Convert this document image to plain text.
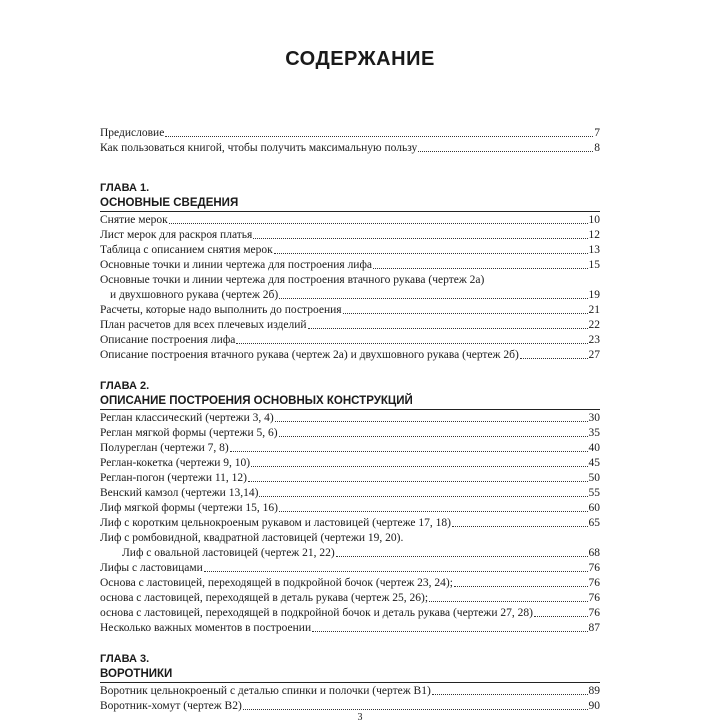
СОДЕРЖАНИЕ
Предисловие	7
Как пользоваться книгой, чтобы получить максимальную пользу	8
ГЛАВА 1.
ОСНОВНЫЕ СВЕДЕНИЯ
Снятие мерок	10
Лист мерок для раскроя платья	12
Таблица с описанием снятия мерок	13
Основные точки и линии чертежа для построения лифа	15
Основные точки и линии чертежа для построения втачного рукава (чертеж 2а)
и двухшовного рукава (чертеж 2б)	19
Расчеты, которые надо выполнить до построения	21
План расчетов для всех плечевых изделий	22
Описание построения лифа	23
Описание построения втачного рукава (чертеж 2а) и двухшовного рукава (чертеж 2б)	27
ГЛАВА 2.
ОПИСАНИЕ ПОСТРОЕНИЯ ОСНОВНЫХ КОНСТРУКЦИЙ
Реглан классический (чертежи 3, 4)	30
Реглан мягкой формы (чертежи 5, 6)	35
Полуреглан (чертежи 7, 8)	40
Реглан-кокетка (чертежи 9, 10)	45
Реглан-погон (чертежи 11, 12)	50
Венский камзол (чертежи 13,14)	55
Лиф мягкой формы (чертежи 15, 16)	60
Лиф с коротким цельнокроеным рукавом и ластовицей (чертеже 17, 18)	65
Лиф с ромбовидной, квадратной ластовицей (чертежи 19, 20).
Лиф с овальной ластовицей (чертеж 21, 22)	68
Лифы с ластовицами	76
Основа с ластовицей, переходящей в подкройной бочок (чертеж 23, 24);	76
основа с ластовицей, переходящей в деталь рукава (чертеж 25, 26);	76
основа с ластовицей, переходящей в подкройной бочок и деталь рукава (чертежи 27, 28)	76
Несколько важных моментов в построении	87
ГЛАВА 3.
ВОРОТНИКИ
Воротник цельнокроеный с деталью спинки и полочки (чертеж В1)	89
Воротник-хомут (чертеж В2)	90
3
